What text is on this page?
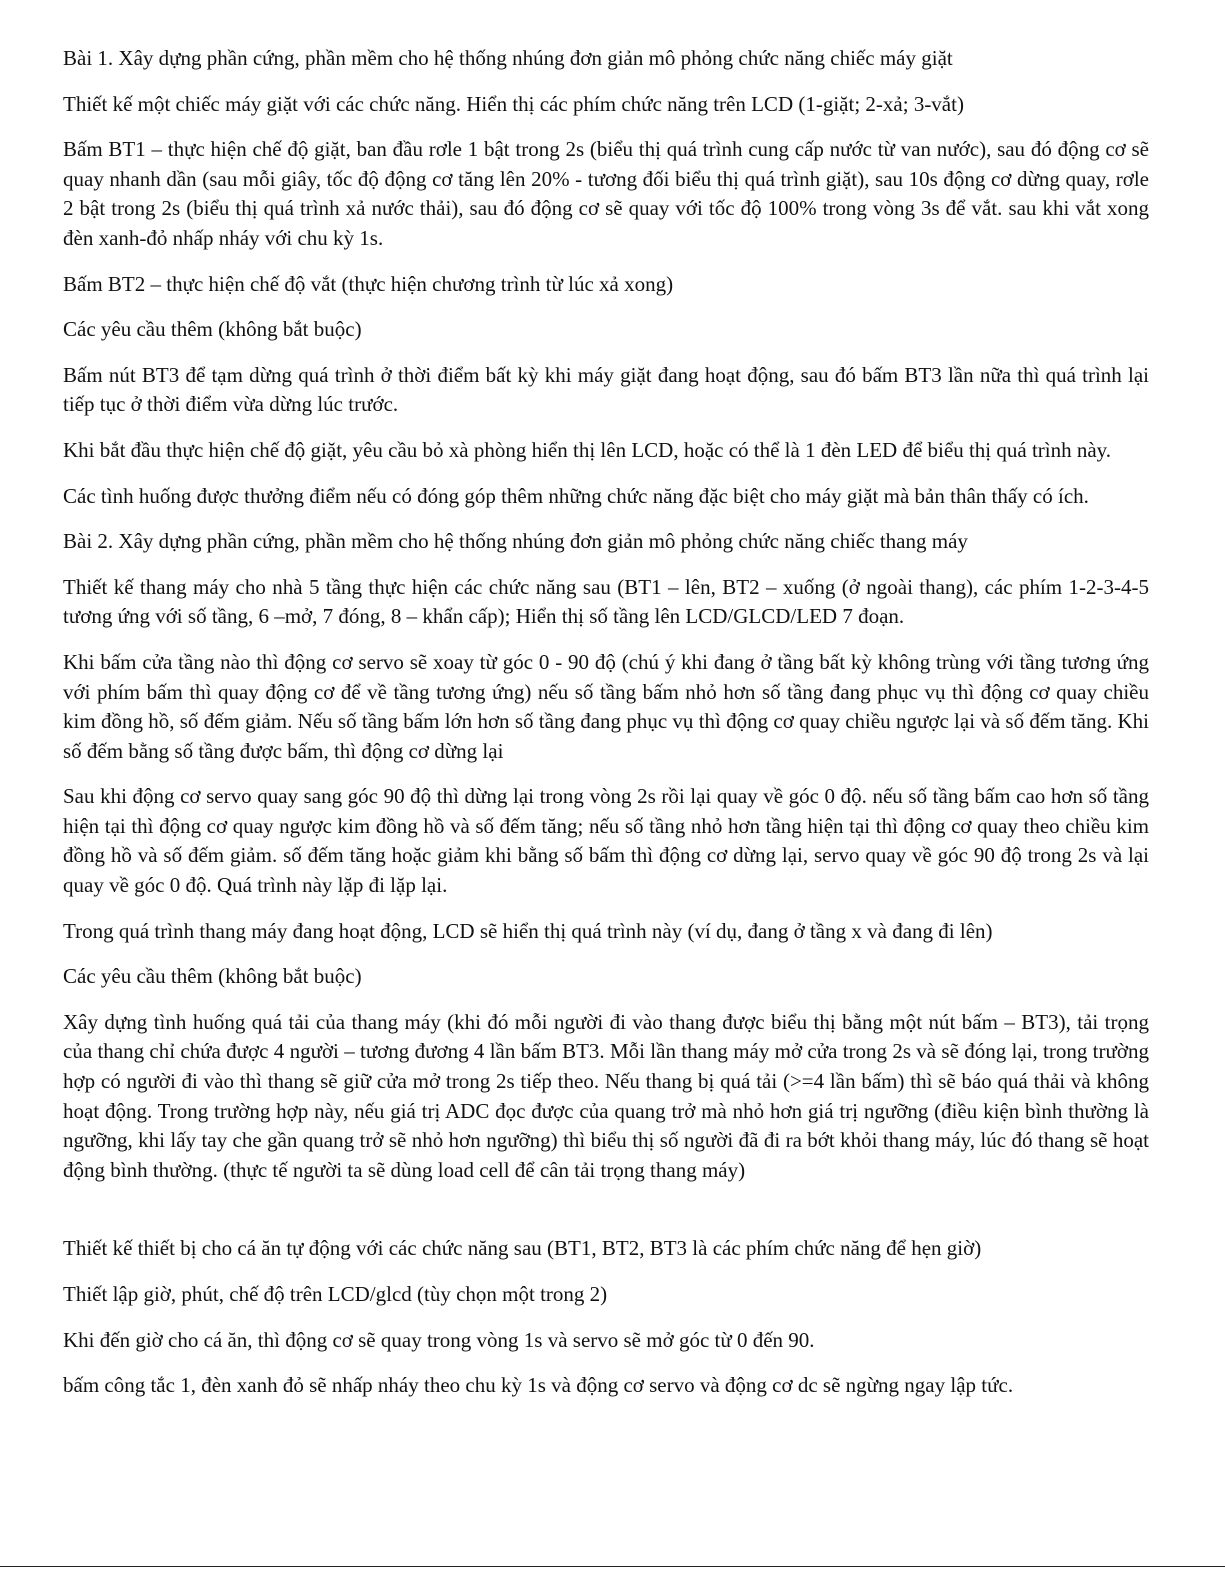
Bài 1. Xây dựng phần cứng, phần mềm cho hệ thống nhúng đơn giản mô phỏng chức năng chiếc máy giặt

Thiết kế một chiếc máy giặt với các chức năng. Hiển thị các phím chức năng trên LCD (1-giặt; 2-xả; 3-vắt)

Bấm BT1 – thực hiện chế độ giặt, ban đầu rơle 1 bật trong 2s (biểu thị quá trình cung cấp nước từ van nước), sau đó động cơ sẽ quay nhanh dần (sau mỗi giây, tốc độ động cơ tăng lên 20% - tương đối biểu thị quá trình giặt), sau 10s động cơ dừng quay, rơle 2 bật trong 2s (biểu thị quá trình xả nước thải), sau đó động cơ sẽ quay với tốc độ 100% trong vòng 3s để vắt. sau khi vắt xong đèn xanh-đỏ nhấp nháy với chu kỳ 1s.

Bấm BT2 – thực hiện chế độ vắt (thực hiện chương trình từ lúc xả xong)

Các yêu cầu thêm (không bắt buộc)

Bấm nút BT3 để tạm dừng quá trình ở thời điểm bất kỳ khi máy giặt đang hoạt động, sau đó bấm BT3 lần nữa thì quá trình lại tiếp tục ở thời điểm vừa dừng lúc trước.

Khi bắt đầu thực hiện chế độ giặt, yêu cầu bỏ xà phòng hiển thị lên LCD, hoặc có thể là 1 đèn LED để biểu thị quá trình này.

Các tình huống được thưởng điểm nếu có đóng góp thêm những chức năng đặc biệt cho máy giặt mà bản thân thấy có ích.

Bài 2. Xây dựng phần cứng, phần mềm cho hệ thống nhúng đơn giản mô phỏng chức năng chiếc thang máy

Thiết kế thang máy cho nhà 5 tầng thực hiện các chức năng sau (BT1 – lên, BT2 – xuống (ở ngoài thang), các phím 1-2-3-4-5 tương ứng với số tầng, 6 –mở, 7 đóng, 8 – khẩn cấp); Hiển thị số tầng lên LCD/GLCD/LED 7 đoạn.

Khi bấm cửa tầng nào thì động cơ servo sẽ xoay từ góc 0 - 90 độ (chú ý khi đang ở tầng bất kỳ không trùng với tầng tương ứng với phím bấm thì quay động cơ để về tầng tương ứng) nếu số tầng bấm nhỏ hơn số tầng đang phục vụ thì động cơ quay chiều kim đồng hồ, số đếm giảm. Nếu số tầng bấm lớn hơn số tầng đang phục vụ thì động cơ quay chiều ngược lại và số đếm tăng. Khi số đếm bằng số tầng được bấm, thì động cơ dừng lại

Sau khi động cơ servo quay sang góc 90 độ thì dừng lại trong vòng 2s rồi lại quay về góc 0 độ. nếu số tầng bấm cao hơn số tầng hiện tại thì động cơ quay ngược kim đồng hồ và số đếm tăng; nếu số tầng nhỏ hơn tầng hiện tại thì động cơ quay theo chiều kim đồng hồ và số đếm giảm. số đếm tăng hoặc giảm khi bằng số bấm thì động cơ dừng lại, servo quay về góc 90 độ trong 2s và lại quay về góc 0 độ. Quá trình này lặp đi lặp lại.

Trong quá trình thang máy đang hoạt động, LCD sẽ hiển thị quá trình này (ví dụ, đang ở tầng x và đang đi lên)

Các yêu cầu thêm (không bắt buộc)

Xây dựng tình huống quá tải của thang máy (khi đó mỗi người đi vào thang được biểu thị bằng một nút bấm – BT3), tải trọng của thang chỉ chứa được 4 người – tương đương 4 lần bấm BT3. Mỗi lần thang máy mở cửa trong 2s và sẽ đóng lại, trong trường hợp có người đi vào thì thang sẽ giữ cửa mở trong 2s tiếp theo. Nếu thang bị quá tải (>=4 lần bấm) thì sẽ báo quá thải và không hoạt động. Trong trường hợp này, nếu giá trị ADC đọc được của quang trở mà nhỏ hơn giá trị ngưỡng (điều kiện bình thường là ngưỡng, khi lấy tay che gần quang trở sẽ nhỏ hơn ngưỡng) thì biểu thị số người đã đi ra bớt khỏi thang máy, lúc đó thang sẽ hoạt động bình thường. (thực tế người ta sẽ dùng load cell để cân tải trọng thang máy)

Thiết kế thiết bị cho cá ăn tự động với các chức năng sau (BT1, BT2, BT3 là các phím chức năng để hẹn giờ)

Thiết lập giờ, phút, chế độ trên LCD/glcd (tùy chọn một trong 2)

Khi đến giờ cho cá ăn, thì động cơ sẽ quay trong vòng 1s và servo sẽ mở góc từ 0 đến 90.

bấm công tắc 1, đèn xanh đỏ sẽ nhấp nháy theo chu kỳ 1s và động cơ servo và động cơ dc sẽ ngừng ngay lập tức.
